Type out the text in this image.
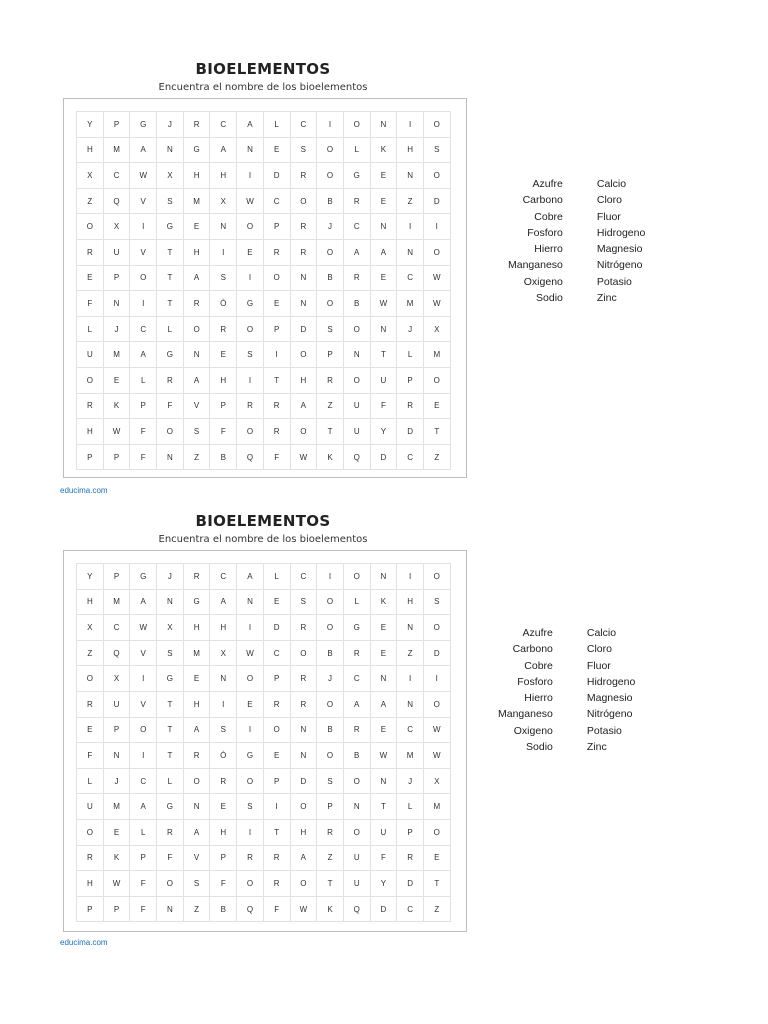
BIOELEMENTOS
Encuentra el nombre de los bioelementos
Y	P	G	J	R	C	A	L	C	I	O	N	I	O
H	M	A	N	G	A	N	E	S	O	L	K	H	S
X	C	W	X	H	H	I	D	R	O	G	E	N	O
Z	Q	V	S	M	X	W	C	O	B	R	E	Z	D
O	X	I	G	E	N	O	P	R	J	C	N	I	I
R	U	V	T	H	I	E	R	R	O	A	A	N	O
E	P	O	T	A	S	I	O	N	B	R	E	C	W
F	N	I	T	R	Ó	G	E	N	O	B	W	M	W
L	J	C	L	O	R	O	P	D	S	O	N	J	X
U	M	A	G	N	E	S	I	O	P	N	T	L	M
O	E	L	R	A	H	I	T	H	R	O	U	P	O
R	K	P	F	V	P	R	R	A	Z	U	F	R	E
H	W	F	O	S	F	O	R	O	T	U	Y	D	T
P	P	F	N	Z	B	Q	F	W	K	Q	D	C	Z
educima.com
Azufre
Carbono
Cobre
Fosforo
Hierro
Manganeso
Oxigeno
Sodio
Calcio
Cloro
Fluor
Hidrogeno
Magnesio
Nitrógeno
Potasio
Zinc
BIOELEMENTOS
Encuentra el nombre de los bioelementos
Y	P	G	J	R	C	A	L	C	I	O	N	I	O
H	M	A	N	G	A	N	E	S	O	L	K	H	S
X	C	W	X	H	H	I	D	R	O	G	E	N	O
Z	Q	V	S	M	X	W	C	O	B	R	E	Z	D
O	X	I	G	E	N	O	P	R	J	C	N	I	I
R	U	V	T	H	I	E	R	R	O	A	A	N	O
E	P	O	T	A	S	I	O	N	B	R	E	C	W
F	N	I	T	R	Ó	G	E	N	O	B	W	M	W
L	J	C	L	O	R	O	P	D	S	O	N	J	X
U	M	A	G	N	E	S	I	O	P	N	T	L	M
O	E	L	R	A	H	I	T	H	R	O	U	P	O
R	K	P	F	V	P	R	R	A	Z	U	F	R	E
H	W	F	O	S	F	O	R	O	T	U	Y	D	T
P	P	F	N	Z	B	Q	F	W	K	Q	D	C	Z
educima.com
Azufre
Carbono
Cobre
Fosforo
Hierro
Manganeso
Oxigeno
Sodio
Calcio
Cloro
Fluor
Hidrogeno
Magnesio
Nitrógeno
Potasio
Zinc
